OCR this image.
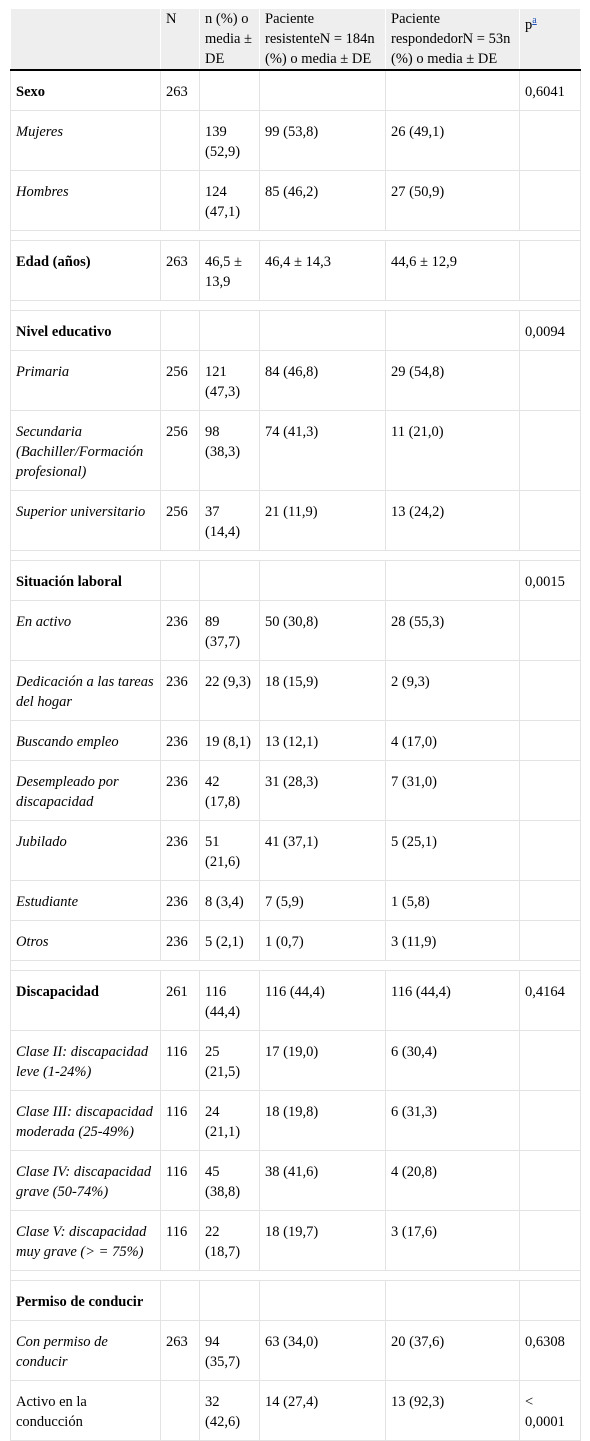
	N	n (%) o media ± DE	Paciente resistenteN = 184n (%) o media ± DE	Paciente respondedorN = 53n (%) o media ± DE	p$^a$
Sexo	263				0,6041
Mujeres		139 (52,9)	99 (53,8)	26 (49,1)	
Hombres		124 (47,1)	85 (46,2)	27 (50,9)	

Edad (años)	263	46,5 ± 13,9	46,4 ± 14,3	44,6 ± 12,9	

Nivel educativo					0,0094
Primaria	256	121 (47,3)	84 (46,8)	29 (54,8)	
Secundaria (Bachiller/Formación profesional)	256	98 (38,3)	74 (41,3)	11 (21,0)	
Superior universitario	256	37 (14,4)	21 (11,9)	13 (24,2)	

Situación laboral					0,0015
En activo	236	89 (37,7)	50 (30,8)	28 (55,3)	
Dedicación a las tareas del hogar	236	22 (9,3)	18 (15,9)	2 (9,3)	
Buscando empleo	236	19 (8,1)	13 (12,1)	4 (17,0)	
Desempleado por discapacidad	236	42 (17,8)	31 (28,3)	7 (31,0)	
Jubilado	236	51 (21,6)	41 (37,1)	5 (25,1)	
Estudiante	236	8 (3,4)	7 (5,9)	1 (5,8)	
Otros	236	5 (2,1)	1 (0,7)	3 (11,9)	

Discapacidad	261	116 (44,4)	116 (44,4)	116 (44,4)	0,4164
Clase II: discapacidad leve (1-24%)	116	25 (21,5)	17 (19,0)	6 (30,4)	
Clase III: discapacidad moderada (25-49%)	116	24 (21,1)	18 (19,8)	6 (31,3)	
Clase IV: discapacidad grave (50-74%)	116	45 (38,8)	38 (41,6)	4 (20,8)	
Clase V: discapacidad muy grave (> = 75%)	116	22 (18,7)	18 (19,7)	3 (17,6)	

Permiso de conducir					
Con permiso de conducir	263	94 (35,7)	63 (34,0)	20 (37,6)	0,6308
Activo en la conducción		32 (42,6)	14 (27,4)	13 (92,3)	< 0,0001
